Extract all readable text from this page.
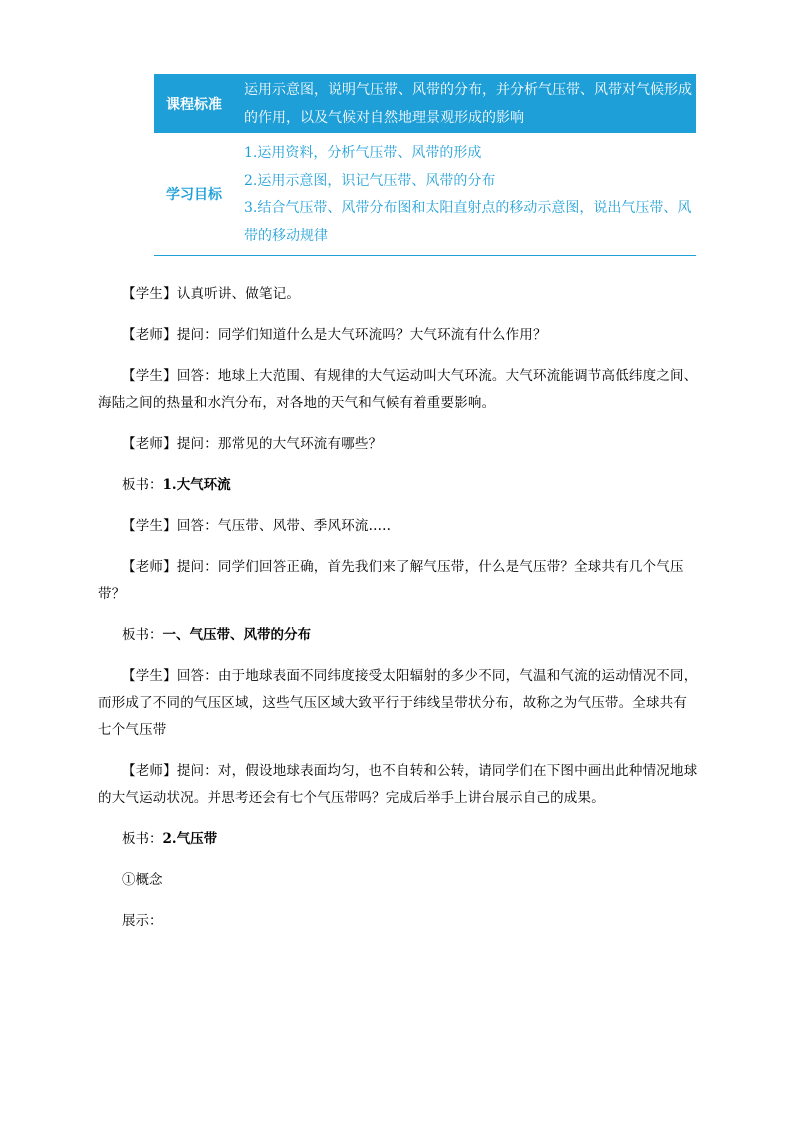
课程标准
运用示意图，说明气压带、风带的分布，并分析气压带、风带对气候形成的作用，以及气候对自然地理景观形成的影响
学习目标
1.运用资料，分析气压带、风带的形成
2.运用示意图，识记气压带、风带的分布
3.结合气压带、风带分布图和太阳直射点的移动示意图，说出气压带、风带的移动规律

【学生】认真听讲、做笔记。

【老师】提问：同学们知道什么是大气环流吗？大气环流有什么作用？

【学生】回答：地球上大范围、有规律的大气运动叫大气环流。大气环流能调节高低纬度之间、海陆之间的热量和水汽分布，对各地的天气和气候有着重要影响。

【老师】提问：那常见的大气环流有哪些？

板书：1.大气环流

【学生】回答：气压带、风带、季风环流.....

【老师】提问：同学们回答正确，首先我们来了解气压带，什么是气压带？全球共有几个气压带？

板书：一、气压带、风带的分布

【学生】回答：由于地球表面不同纬度接受太阳辐射的多少不同，气温和气流的运动情况不同，而形成了不同的气压区域，这些气压区域大致平行于纬线呈带状分布，故称之为气压带。全球共有七个气压带

【老师】提问：对，假设地球表面均匀，也不自转和公转，请同学们在下图中画出此种情况地球的大气运动状况。并思考还会有七个气压带吗？完成后举手上讲台展示自己的成果。

板书：2.气压带

①概念

展示：
